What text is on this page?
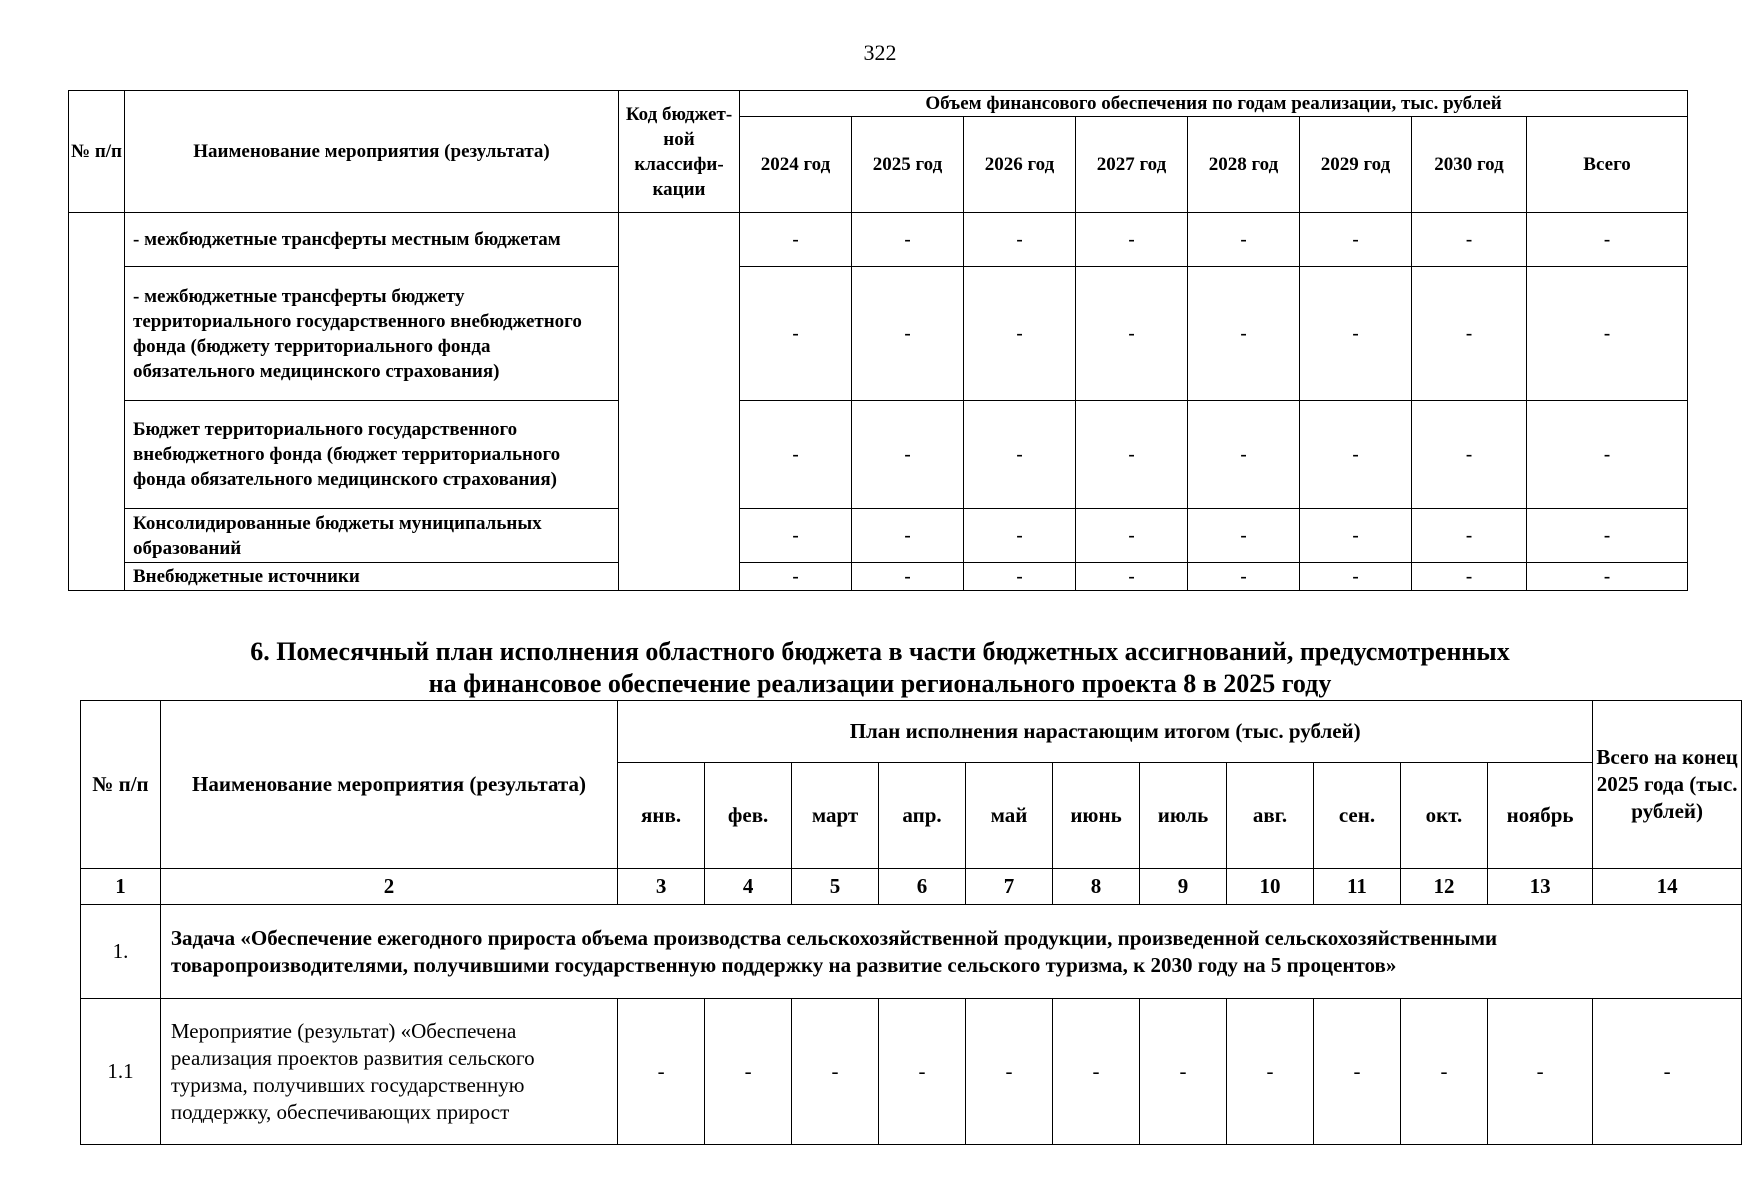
322
№ п/п	Наименование мероприятия (результата)	Код бюджет-ной классифи-кации	Объем финансового обеспечения по годам реализации, тыс. рублей							
			2024 год	2025 год	2026 год	2027 год	2028 год	2029 год	2030 год	Всего
	- межбюджетные трансферты местным бюджетам		-	-	-	-	-	-	-	-
	- межбюджетные трансферты бюджету территориального государственного внебюджетного фонда (бюджету территориального фонда обязательного медицинского страхования)		-	-	-	-	-	-	-	-
	Бюджет территориального государственного внебюджетного фонда (бюджет территориального фонда обязательного медицинского страхования)		-	-	-	-	-	-	-	-
	Консолидированные бюджеты муниципальных образований		-	-	-	-	-	-	-	-
	Внебюджетные источники		-	-	-	-	-	-	-	-
6. Помесячный план исполнения областного бюджета в части бюджетных ассигнований, предусмотренных
на финансовое обеспечение реализации регионального проекта 8 в 2025 году
№ п/п	Наименование мероприятия (результата)	План исполнения нарастающим итогом (тыс. рублей)											Всего на конец 2025 года (тыс. рублей)
		янв.	фев.	март	апр.	май	июнь	июль	авг.	сен.	окт.	ноябрь	
1	2	3	4	5	6	7	8	9	10	11	12	13	14
1.	Задача «Обеспечение ежегодного прироста объема производства сельскохозяйственной продукции, произведенной сельскохозяйственными товаропроизводителями, получившими государственную поддержку на развитие сельского туризма, к 2030 году на 5 процентов»												
1.1	Мероприятие (результат) «Обеспечена реализация проектов развития сельского туризма, получивших государственную поддержку, обеспечивающих прирост	-	-	-	-	-	-	-	-	-	-	-	-
